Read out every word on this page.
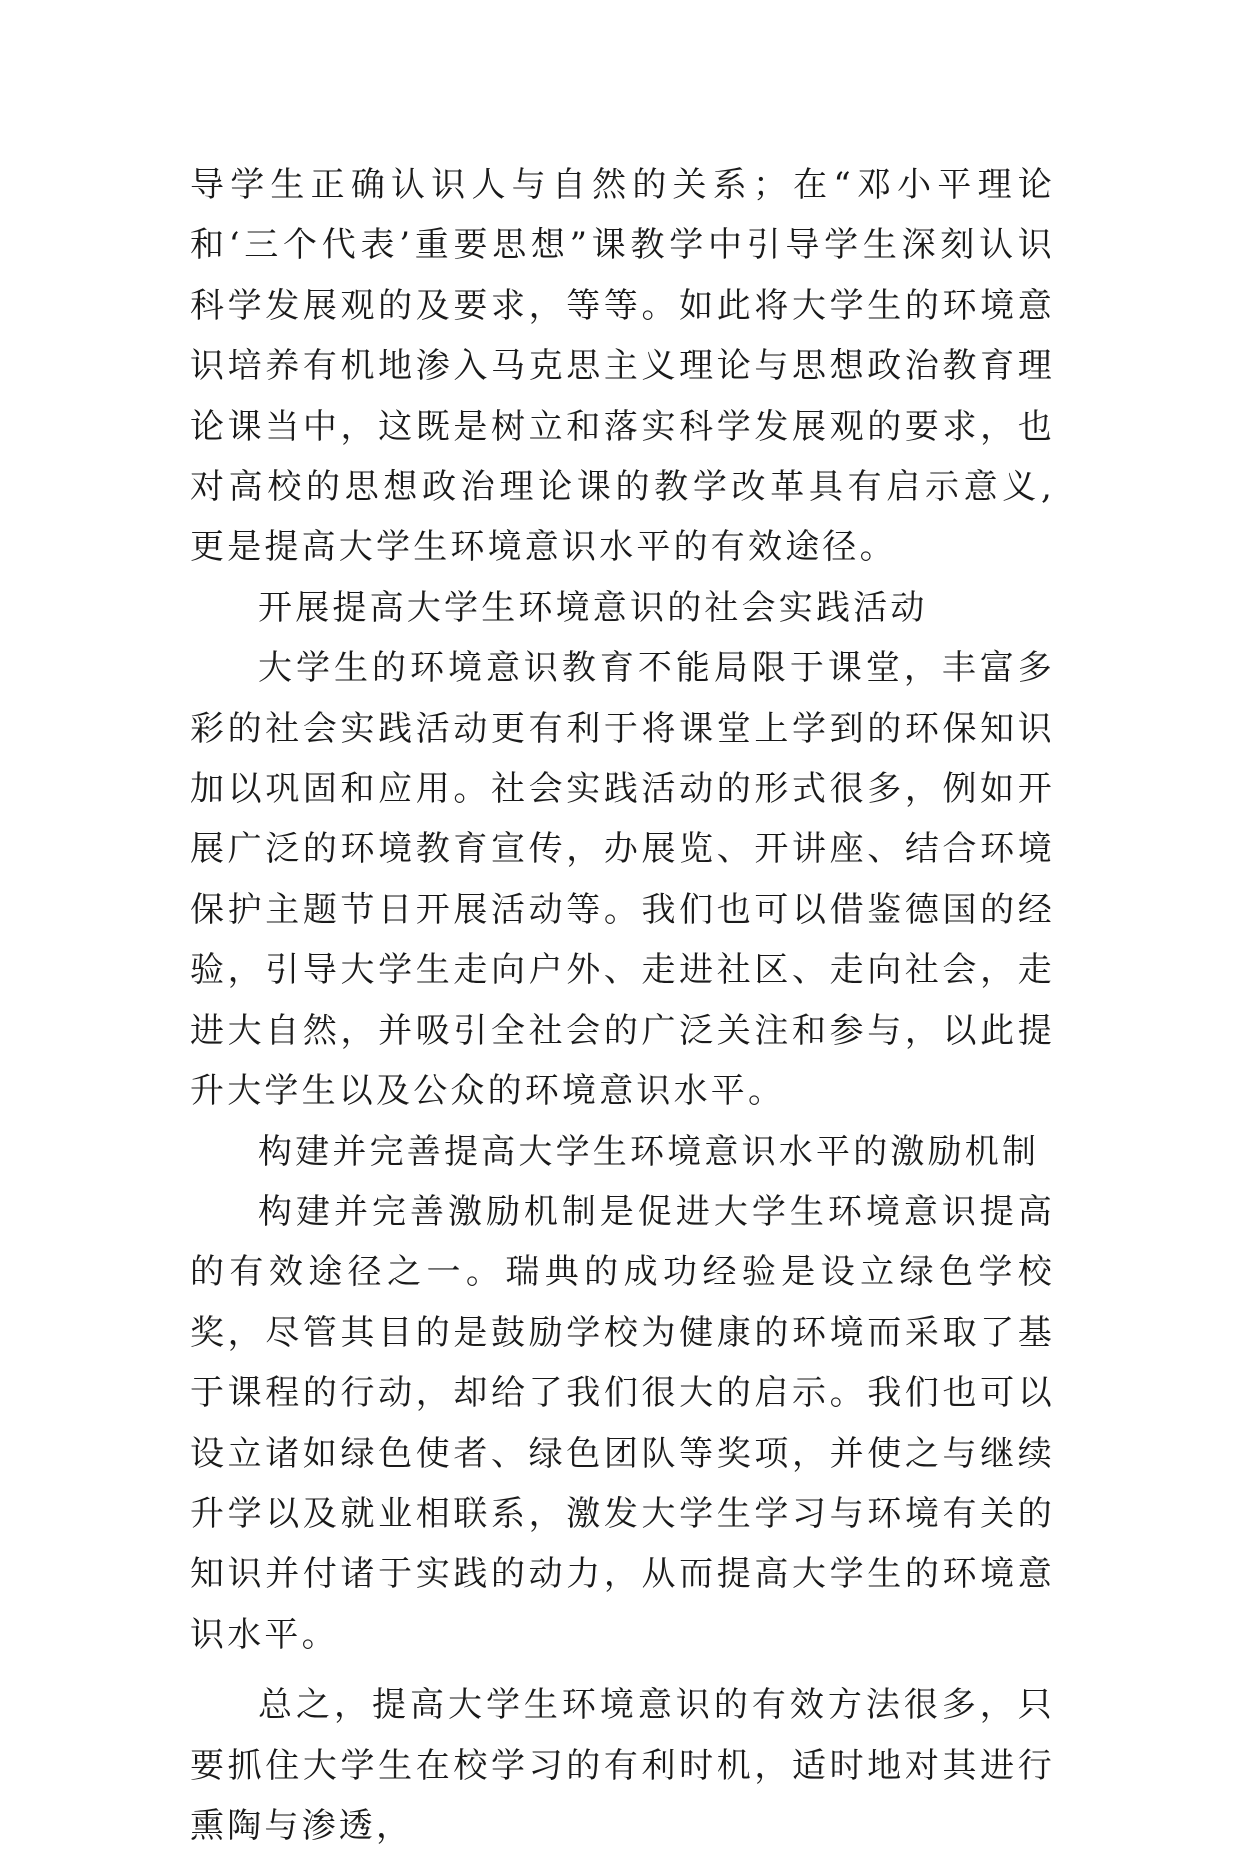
导学生正确认识人与自然的关系；在“邓小平理论和‘三个代表’重要思想”课教学中引导学生深刻认识科学发展观的及要求，等等。如此将大学生的环境意识培养有机地渗入马克思主义理论与思想政治教育理论课当中，这既是树立和落实科学发展观的要求，也对高校的思想政治理论课的教学改革具有启示意义,更是提高大学生环境意识水平的有效途径。

开展提高大学生环境意识的社会实践活动

大学生的环境意识教育不能局限于课堂，丰富多彩的社会实践活动更有利于将课堂上学到的环保知识加以巩固和应用。社会实践活动的形式很多，例如开展广泛的环境教育宣传，办展览、开讲座、结合环境保护主题节日开展活动等。我们也可以借鉴德国的经验，引导大学生走向户外、走进社区、走向社会，走进大自然，并吸引全社会的广泛关注和参与，以此提升大学生以及公众的环境意识水平。

构建并完善提高大学生环境意识水平的激励机制

构建并完善激励机制是促进大学生环境意识提高的有效途径之一。瑞典的成功经验是设立绿色学校奖，尽管其目的是鼓励学校为健康的环境而采取了基于课程的行动，却给了我们很大的启示。我们也可以设立诸如绿色使者、绿色团队等奖项，并使之与继续升学以及就业相联系，激发大学生学习与环境有关的知识并付诸于实践的动力，从而提高大学生的环境意识水平。

总之，提高大学生环境意识的有效方法很多，只要抓住大学生在校学习的有利时机，适时地对其进行熏陶与渗透，
